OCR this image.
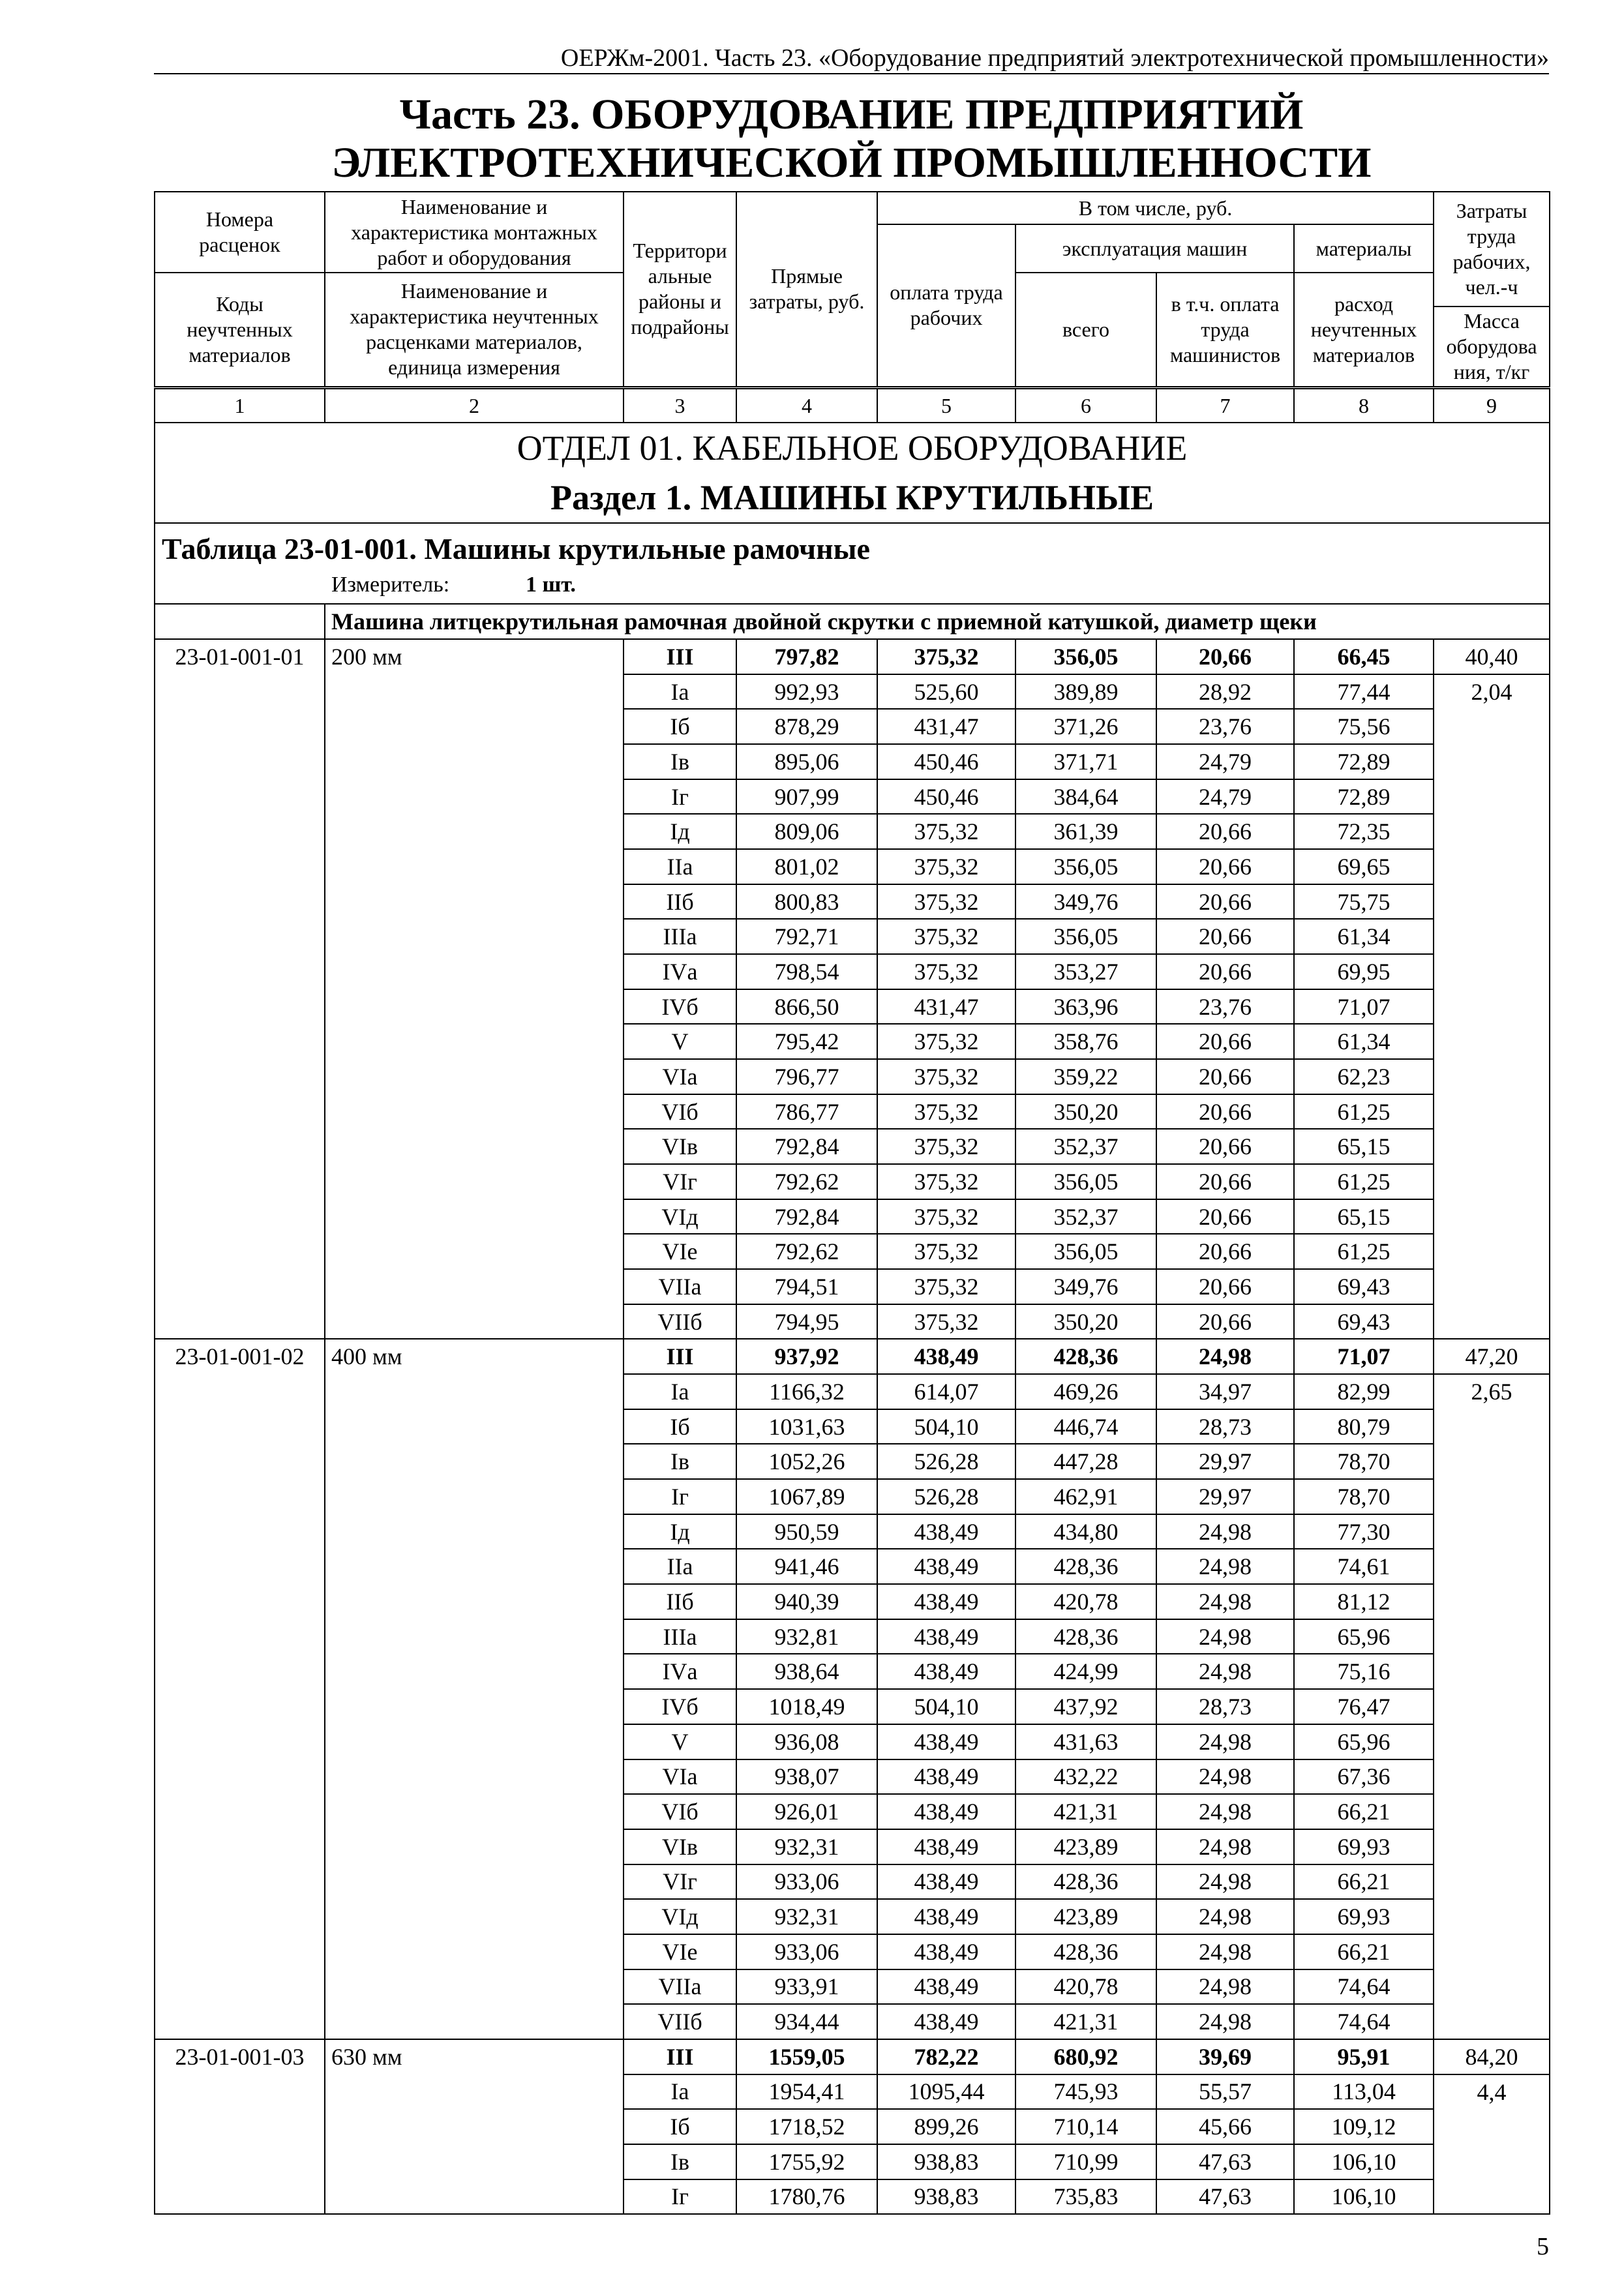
ОЕРЖм-2001. Часть 23. «Оборудование предприятий электротехнической промышленности»
Часть 23. ОБОРУДОВАНИЕ ПРЕДПРИЯТИЙ
ЭЛЕКТРОТЕХНИЧЕСКОЙ ПРОМЫШЛЕННОСТИ
Номера расценок	Наименование и характеристика монтажных работ и оборудования	Территориальные районы и подрайоны	Прямые затраты, руб.	В том числе, руб.				Затраты труда рабочих, чел.-ч
				оплата труда рабочих	эксплуатация машин		материалы	
Коды неучтенных материалов	Наименование и характеристика неучтенных расценками материалов, единица измерения				всего	в т.ч. оплата труда машинистов	расход неучтенных материалов	
								Масса оборудования, т/кг
1	2	3	4	5	6	7	8	9

ОТДЕЛ 01. КАБЕЛЬНОЕ ОБОРУДОВАНИЕ
Раздел 1. МАШИНЫ КРУТИЛЬНЫЕ								

Таблица 23-01-001. Машины крутильные рамочные
Измеритель: 1 шт.								

	Машина литцекрутильная рамочная двойной скрутки с приемной катушкой, диаметр щеки							
23-01-001-01	200 мм	III	797,82	375,32	356,05	20,66	66,45	40,40
		Iа	992,93	525,60	389,89	28,92	77,44	2,04
		Iб	878,29	431,47	371,26	23,76	75,56	
		Iв	895,06	450,46	371,71	24,79	72,89	
		Iг	907,99	450,46	384,64	24,79	72,89	
		Iд	809,06	375,32	361,39	20,66	72,35	
		IIа	801,02	375,32	356,05	20,66	69,65	
		IIб	800,83	375,32	349,76	20,66	75,75	
		IIIа	792,71	375,32	356,05	20,66	61,34	
		IVа	798,54	375,32	353,27	20,66	69,95	
		IVб	866,50	431,47	363,96	23,76	71,07	
		V	795,42	375,32	358,76	20,66	61,34	
		VIа	796,77	375,32	359,22	20,66	62,23	
		VIб	786,77	375,32	350,20	20,66	61,25	
		VIв	792,84	375,32	352,37	20,66	65,15	
		VIг	792,62	375,32	356,05	20,66	61,25	
		VIд	792,84	375,32	352,37	20,66	65,15	
		VIе	792,62	375,32	356,05	20,66	61,25	
		VIIа	794,51	375,32	349,76	20,66	69,43	
		VIIб	794,95	375,32	350,20	20,66	69,43	
23-01-001-02	400 мм	III	937,92	438,49	428,36	24,98	71,07	47,20
		Iа	1166,32	614,07	469,26	34,97	82,99	2,65
		Iб	1031,63	504,10	446,74	28,73	80,79	
		Iв	1052,26	526,28	447,28	29,97	78,70	
		Iг	1067,89	526,28	462,91	29,97	78,70	
		Iд	950,59	438,49	434,80	24,98	77,30	
		IIа	941,46	438,49	428,36	24,98	74,61	
		IIб	940,39	438,49	420,78	24,98	81,12	
		IIIа	932,81	438,49	428,36	24,98	65,96	
		IVа	938,64	438,49	424,99	24,98	75,16	
		IVб	1018,49	504,10	437,92	28,73	76,47	
		V	936,08	438,49	431,63	24,98	65,96	
		VIа	938,07	438,49	432,22	24,98	67,36	
		VIб	926,01	438,49	421,31	24,98	66,21	
		VIв	932,31	438,49	423,89	24,98	69,93	
		VIг	933,06	438,49	428,36	24,98	66,21	
		VIд	932,31	438,49	423,89	24,98	69,93	
		VIе	933,06	438,49	428,36	24,98	66,21	
		VIIа	933,91	438,49	420,78	24,98	74,64	
		VIIб	934,44	438,49	421,31	24,98	74,64	
23-01-001-03	630 мм	III	1559,05	782,22	680,92	39,69	95,91	84,20
		Iа	1954,41	1095,44	745,93	55,57	113,04	4,4
		Iб	1718,52	899,26	710,14	45,66	109,12	
		Iв	1755,92	938,83	710,99	47,63	106,10	
		Iг	1780,76	938,83	735,83	47,63	106,10	
5
